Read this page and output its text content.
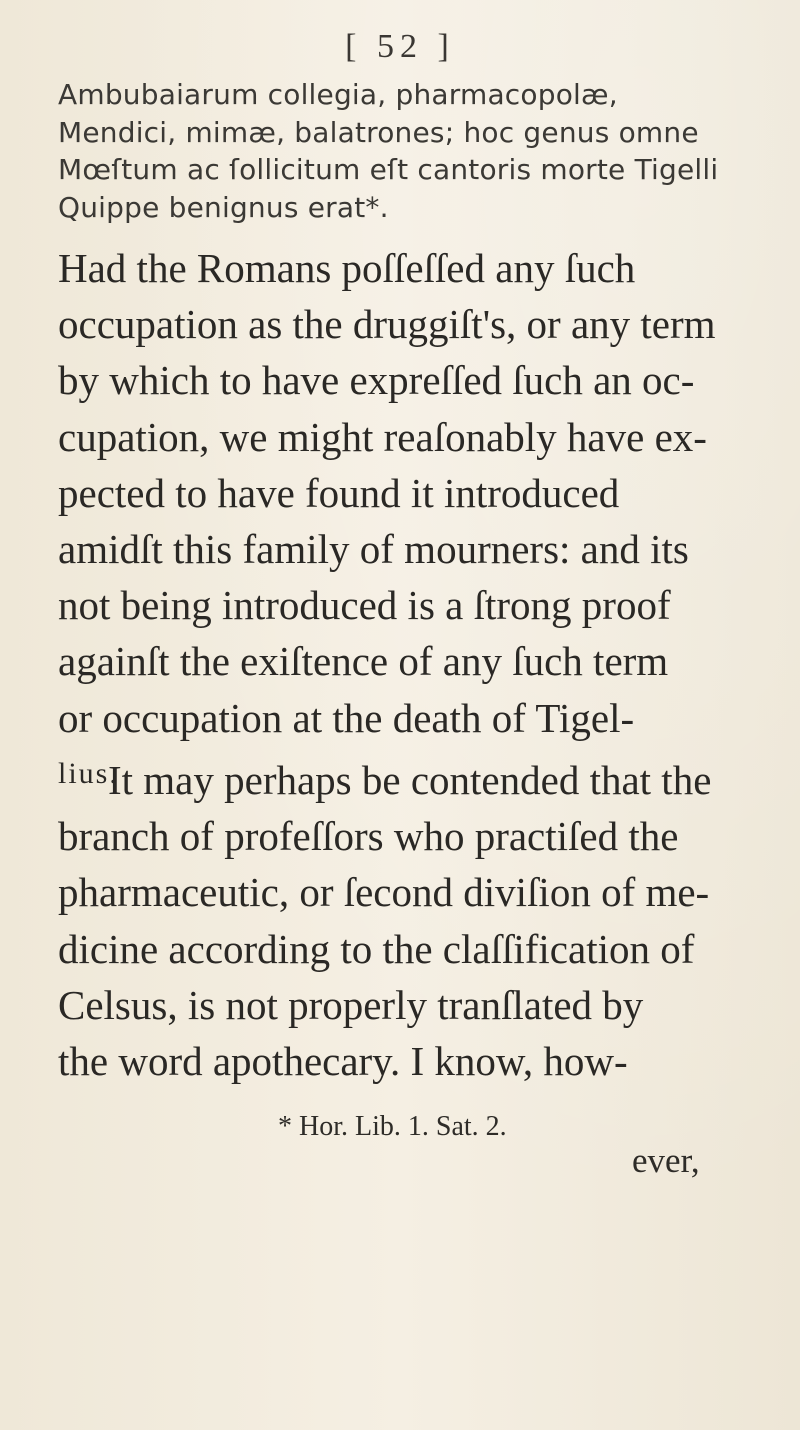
[ 52 ]
Ambubaiarum collegia, pharmacopolæ,
Mendici, mimæ, balatrones; hoc genus omne
Mœſtum ac ſollicitum eſt cantoris morte Tigelli
Quippe benignus erat*.
Had the Romans poſſeſſed any ſuch
occupation as the druggiſt's, or any term
by which to have expreſſed ſuch an oc-
cupation, we might reaſonably have ex-
pected to have found it introduced
amidſt this family of mourners: and its
not being introduced is a ſtrong proof
againſt the exiſtence of any ſuch term
or occupation at the death of Tigel-
lius.
It may perhaps be contended that the
branch of profeſſors who practiſed the
pharmaceutic, or ſecond diviſion of me-
dicine according to the claſſification of
Celsus, is not properly tranſlated by
the word apothecary. I know, how-
* Hor. Lib. 1. Sat. 2.
ever,
